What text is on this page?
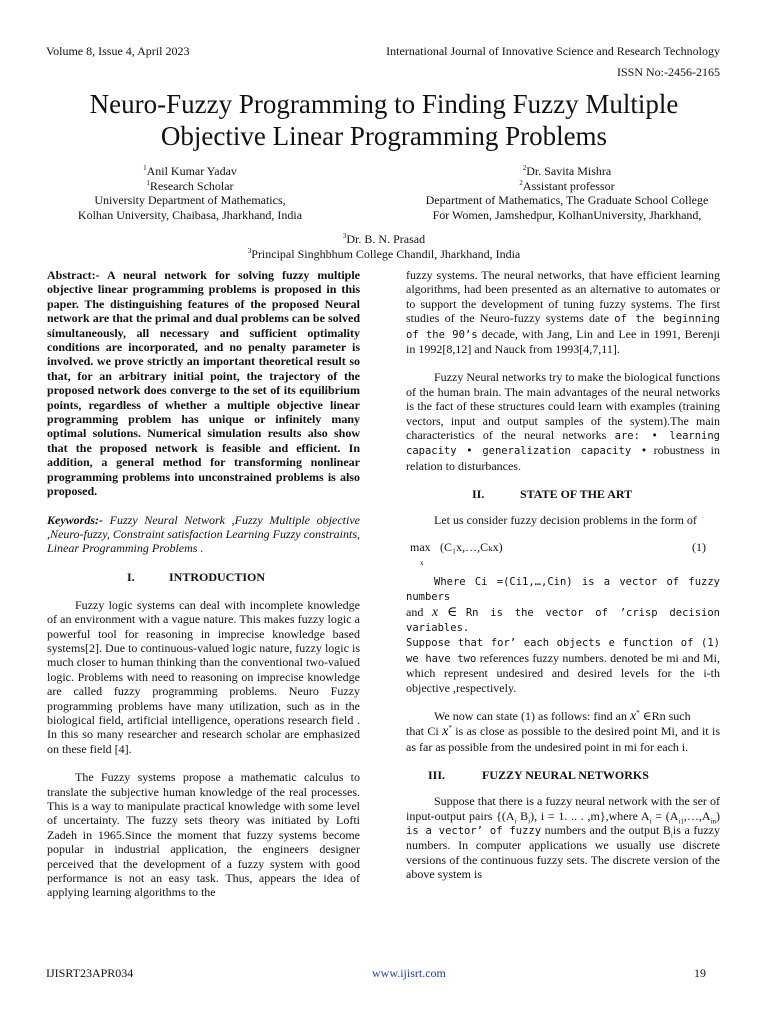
Volume 8, Issue 4, April 2023	International Journal of Innovative Science and Research Technology
ISSN No:-2456-2165
Neuro-Fuzzy Programming to Finding Fuzzy Multiple
Objective Linear Programming Problems
$^1$Anil Kumar Yadav
$^1$Research Scholar
University Department of Mathematics,
Kolhan University, Chaibasa, Jharkhand, India
$^2$Dr. Savita Mishra
$^2$Assistant professor
Department of Mathematics, The Graduate School College
For Women, Jamshedpur, KolhanUniversity, Jharkhand,
$^3$Dr. B. N. Prasad
$^3$Principal Singhbhum College Chandil, Jharkhand, India

Abstract:- A neural network for solving fuzzy multiple objective linear programming problems is proposed in this paper. The distinguishing features of the proposed Neural network are that the primal and dual problems can be solved simultaneously, all necessary and sufficient optimality conditions are incorporated, and no penalty parameter is involved. we prove strictly an important theoretical result so that, for an arbitrary initial point, the trajectory of the proposed network does converge to the set of its equilibrium points, regardless of whether a multiple objective linear programming problem has unique or infinitely many optimal solutions. Numerical simulation results also show that the proposed network is feasible and efficient. In addition, a general method for transforming nonlinear programming problems into unconstrained problems is also proposed.

Keywords:- Fuzzy Neural Network ,Fuzzy Multiple objective ,Neuro-fuzzy, Constraint satisfaction Learning Fuzzy constraints, Linear Programming Problems .

I.	INTRODUCTION

Fuzzy logic systems can deal with incomplete knowledge of an environment with a vague nature. This makes fuzzy logic a powerful tool for reasoning in imprecise knowledge based systems[2]. Due to continuous-valued logic nature, fuzzy logic is much closer to human thinking than the conventional two-valued logic. Problems with need to reasoning on imprecise knowledge are called fuzzy programming problems. Neuro Fuzzy programming problems have many utilization, such as in the biological field, artificial intelligence, operations research field . In this so many researcher and research scholar are emphasized on these field [4].

The Fuzzy systems propose a mathematic calculus to translate the subjective human knowledge of the real processes. This is a way to manipulate practical knowledge with some level of uncertainty. The fuzzy sets theory was initiated by Lofti Zadeh in 1965.Since the moment that fuzzy systems become popular in industrial application, the engineers designer perceived that the development of a fuzzy system with good performance is not an easy task. Thus, appears the idea of applying learning algorithms to the

fuzzy systems. The neural networks, that have efficient learning algorithms, had been presented as an alternative to automates or to support the development of tuning fuzzy systems. The first studies of the Neuro-fuzzy systems date of the beginning of the 90’s decade, with Jang, Lin and Lee in 1991, Berenji in 1992[8,12] and Nauck from 1993[4,7,11].

Fuzzy Neural networks try to make the biological functions of the human brain. The main advantages of the neural networks is the fact of these structures could learn with examples (training vectors, input and output samples of the system).The main characteristics of the neural networks are: • learning capacity • generalization capacity • robustness in relation to disturbances.

II.	STATE OF THE ART

Let us consider fuzzy decision problems in the form of

max
x
(C₁x,…,Cₖx)	(1)

Where Ci =(Ci1,…,Cin) is a vector of fuzzy numbers
and x ∈ Rn is the vector of ’crisp decision variables.
Suppose that for’ each objects e function of (1) we have two references fuzzy numbers. denoted be mi and Mi, which represent undesired and desired levels for the i-th objective ,respectively.

We now can state (1) as follows: find an x* ∈Rn such
that Ci x* is as close as possible to the desired point Mi, and it is as far as possible from the undesired point in mi for each i.

III.	FUZZY NEURAL NETWORKS

Suppose that there is a fuzzy neural network with the ser of input-output pairs {($A_i$ $B_i$), i = 1. .. . ,m},where $A_i$ = $(A_{i1},\dots,A_{in})$ is a vector’ of fuzzy numbers and the output $B_iis$ a fuzzy numbers. In computer applications we usually use discrete versions of the continuous fuzzy sets. The discrete version of the above system is

IJISRT23APR034	www.ijisrt.com	19
